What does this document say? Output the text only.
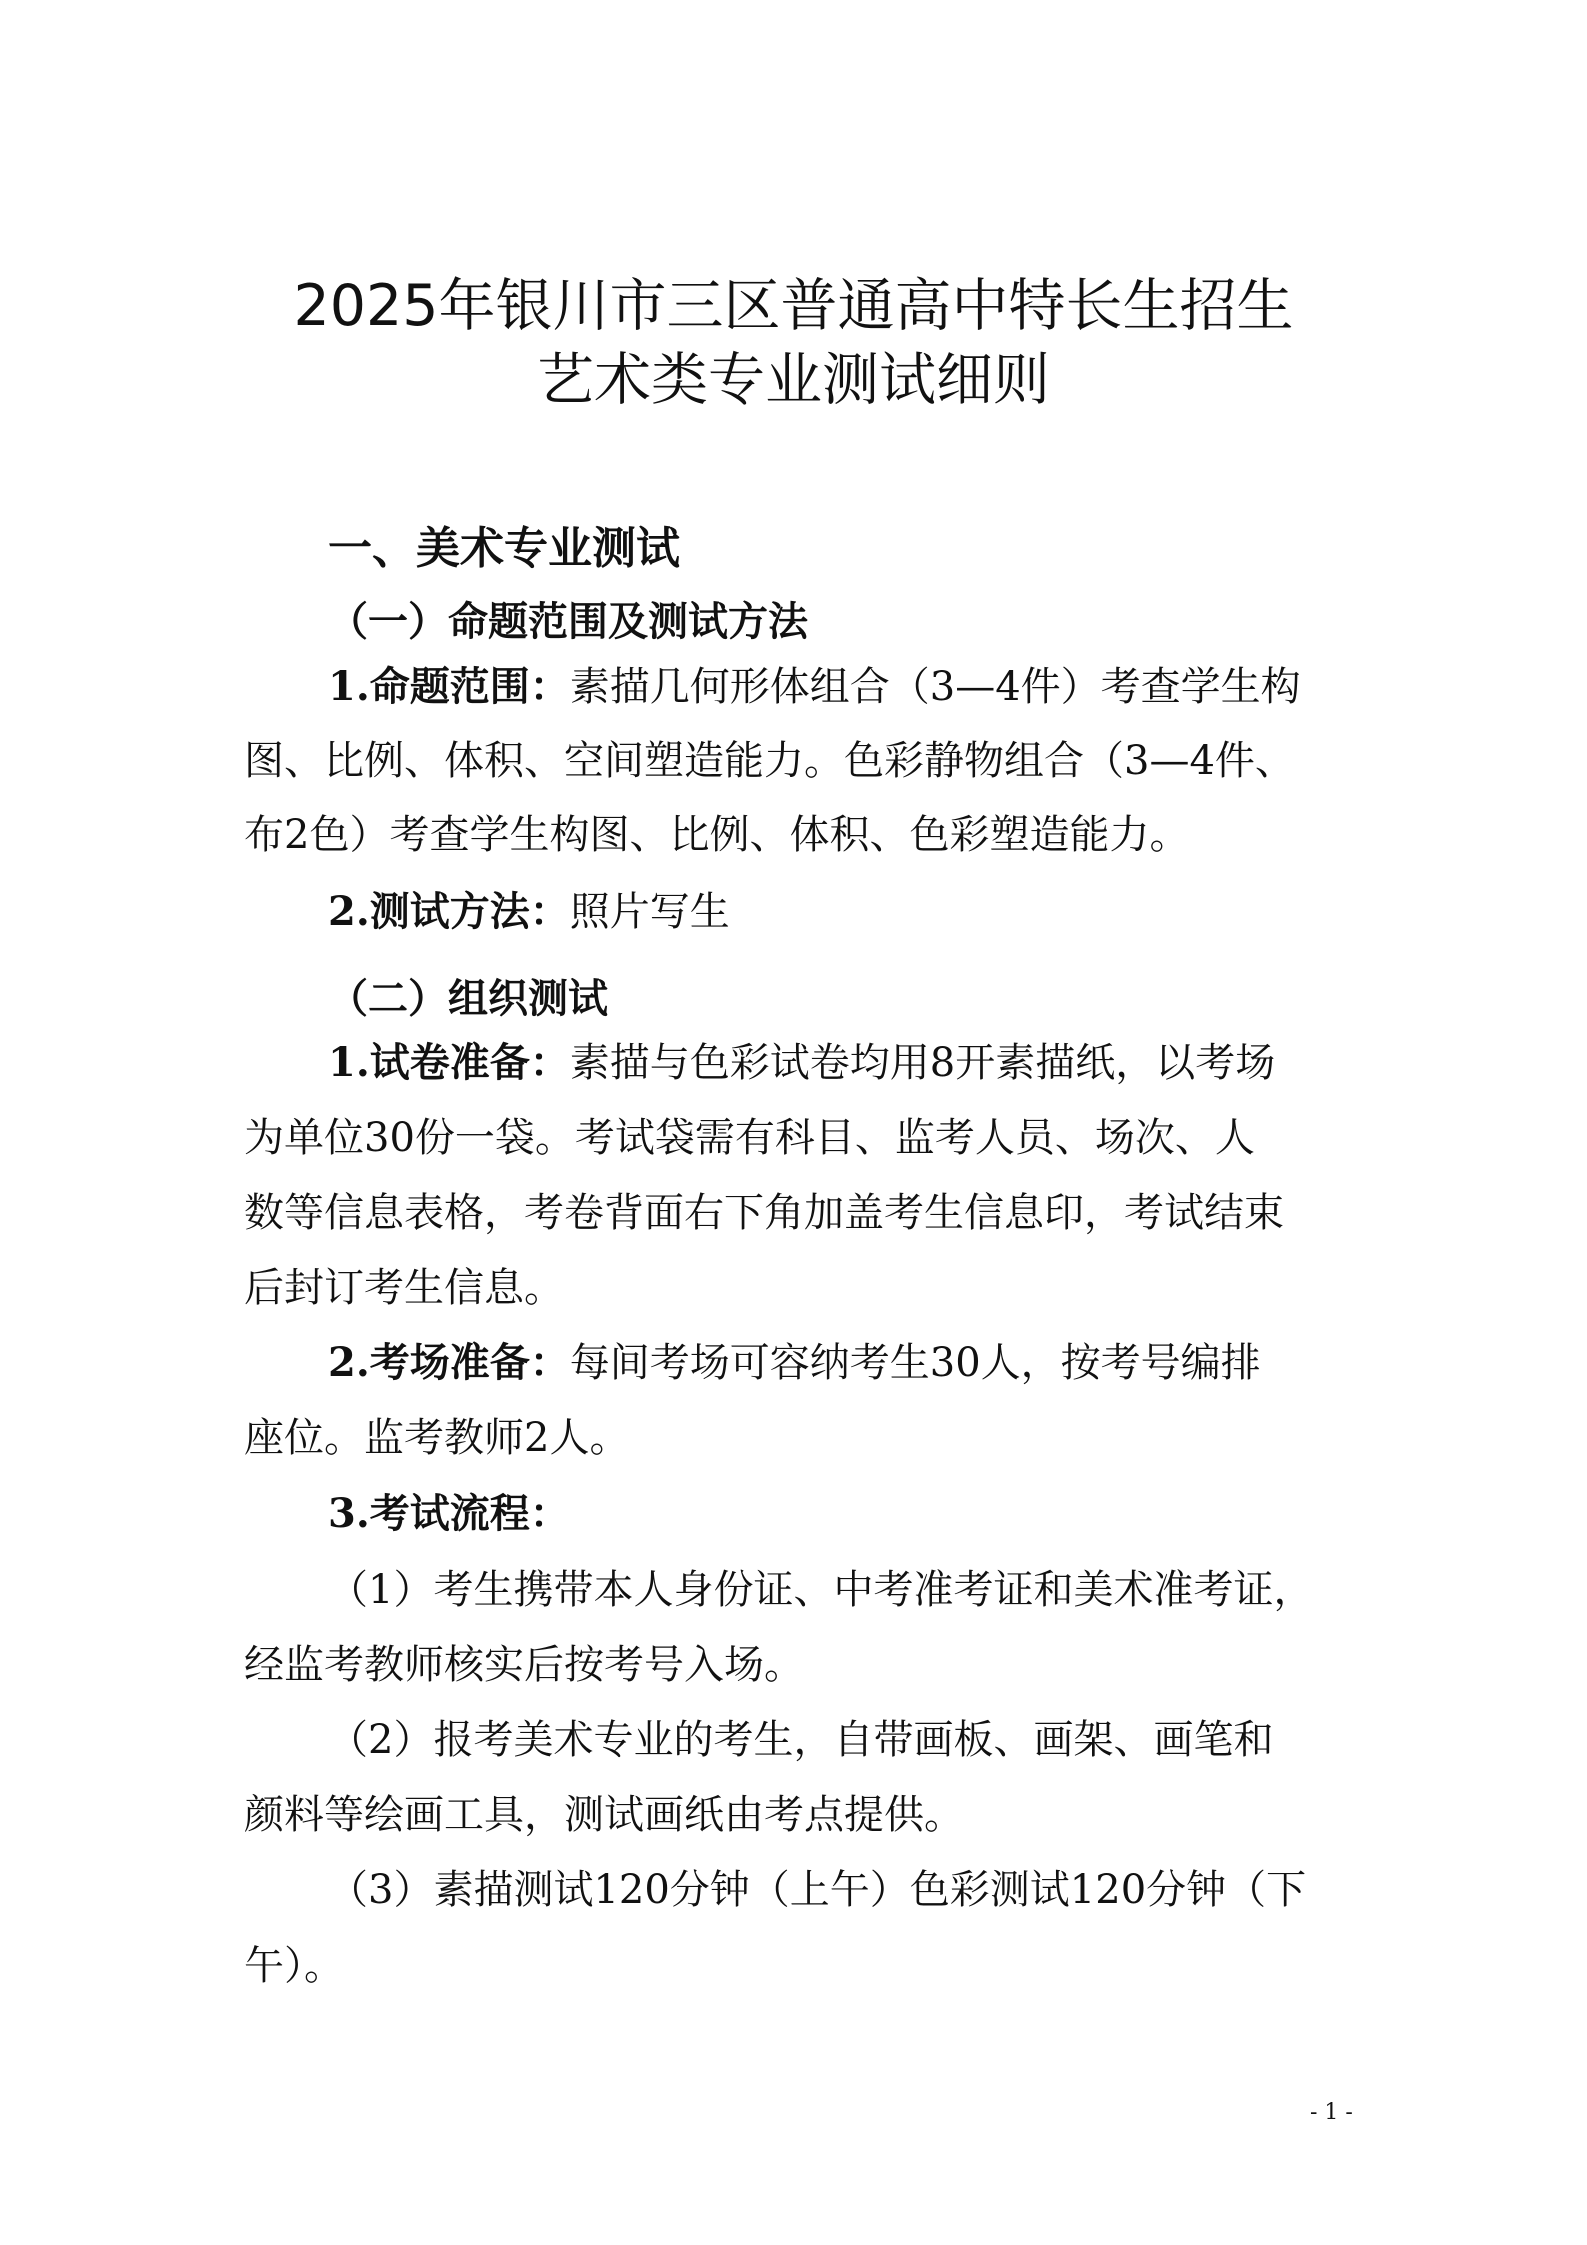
2025年银川市三区普通高中特长生招生
艺术类专业测试细则
一、美术专业测试
（一）命题范围及测试方法
1.命题范围：素描几何形体组合（3—4件）考查学生构
图、比例、体积、空间塑造能力。色彩静物组合（3—4件、
布2色）考查学生构图、比例、体积、色彩塑造能力。
2.测试方法：照片写生
（二）组织测试
1.试卷准备：素描与色彩试卷均用8开素描纸，以考场
为单位30份一袋。考试袋需有科目、监考人员、场次、人
数等信息表格，考卷背面右下角加盖考生信息印，考试结束
后封订考生信息。
2.考场准备：每间考场可容纳考生30人，按考号编排
座位。监考教师2人。
3.考试流程：
（1）考生携带本人身份证、中考准考证和美术准考证，
经监考教师核实后按考号入场。
（2）报考美术专业的考生，自带画板、画架、画笔和
颜料等绘画工具，测试画纸由考点提供。
（3）素描测试120分钟（上午）色彩测试120分钟（下
午）。
- 1 -
